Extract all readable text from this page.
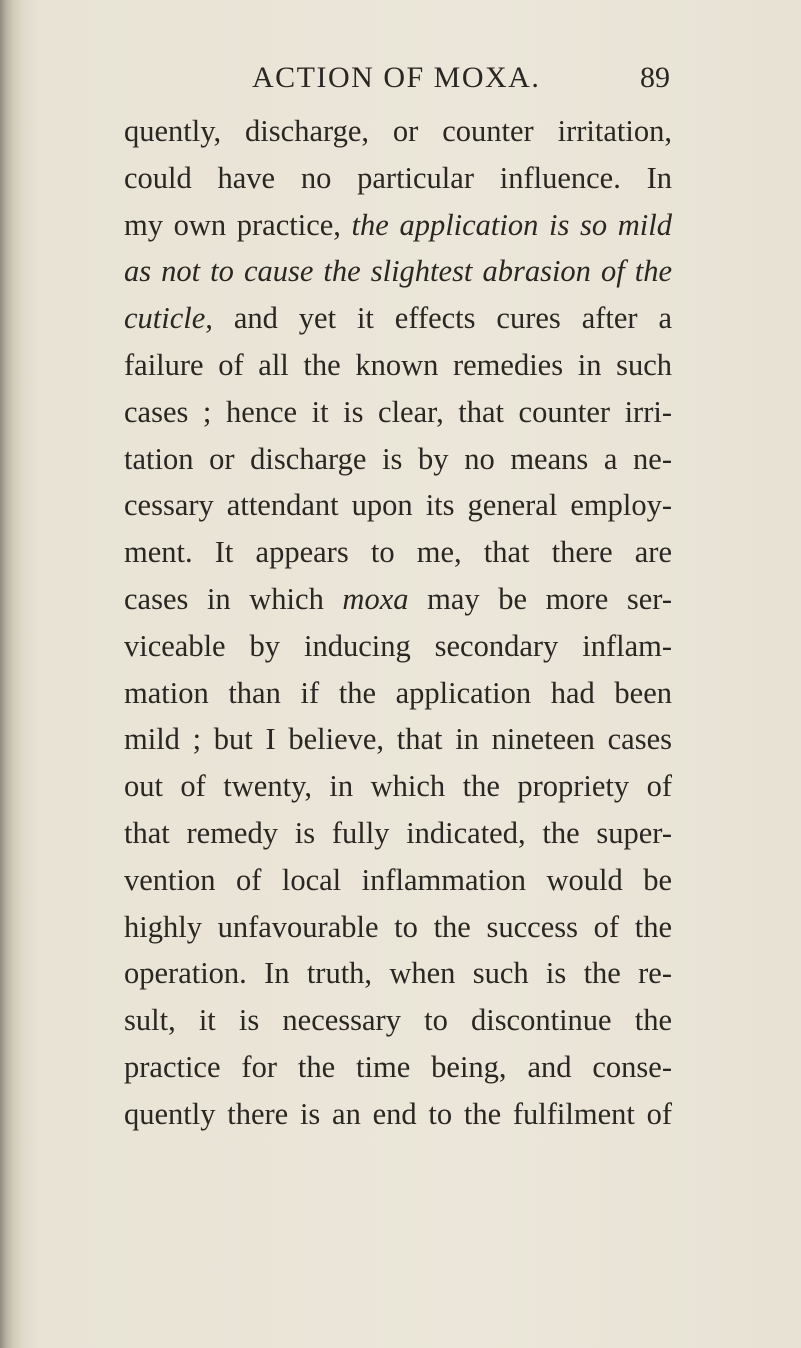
ACTION OF MOXA.	89
quently, discharge, or counter irritation,
could have no particular influence. In
my own practice, the application is so mild
as not to cause the slightest abrasion of the
cuticle, and yet it effects cures after a
failure of all the known remedies in such
cases ; hence it is clear, that counter irri-
tation or discharge is by no means a ne-
cessary attendant upon its general employ-
ment. It appears to me, that there are
cases in which moxa may be more ser-
viceable by inducing secondary inflam-
mation than if the application had been
mild ; but I believe, that in nineteen cases
out of twenty, in which the propriety of
that remedy is fully indicated, the super-
vention of local inflammation would be
highly unfavourable to the success of the
operation. In truth, when such is the re-
sult, it is necessary to discontinue the
practice for the time being, and conse-
quently there is an end to the fulfilment of
